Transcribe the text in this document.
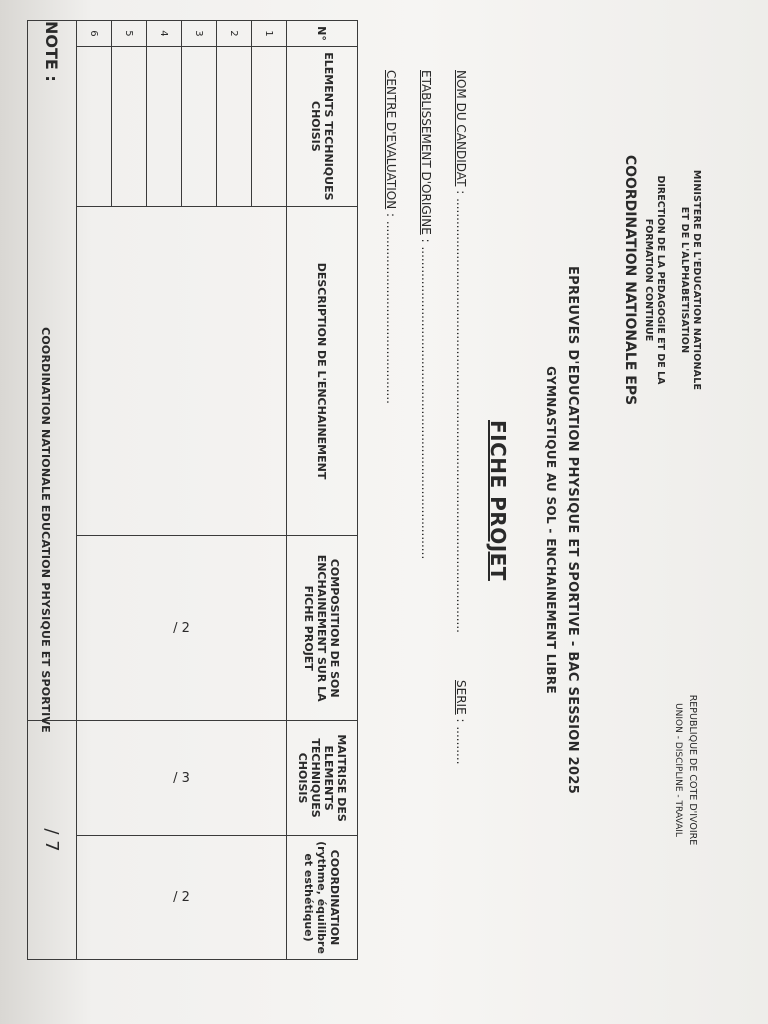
MINISTERE DE L'EDUCATION NATIONALE
ET DE L'ALPHABETISATION
DIRECTION DE LA PEDAGOGIE ET DE LA FORMATION CONTINUE
COORDINATION NATIONALE EPS
REPUBLIQUE DE COTE D'IVOIRE
UNION - DISCIPLINE - TRAVAIL
EPREUVES D'EDUCATION PHYSIQUE ET SPORTIVE - BAC SESSION 2025
GYMNASTIQUE AU SOL - ENCHAINEMENT LIBRE
FICHE PROJET
NOM DU CANDIDAT : ..................................................................................................................
SERIE : ..........
ETABLISSEMENT D'ORIGINE : ..................................................................................
CENTRE D'EVALUATION : ................................................
N°	ELEMENTS TECHNIQUES CHOISIS	DESCRIPTION DE L'ENCHAINEMENT	COMPOSITION DE SON ENCHAINEMENT SUR LA FICHE PROJET	MAITRISE DES ELEMENTS TECHNIQUES CHOISIS	COORDINATION (rythme, équilibre et esthétique)
1			/ 2	/ 3	/ 2
2					
3					
4					
5					
6					
NOTE :				/ 7	
COORDINATION NATIONALE EDUCATION PHYSIQUE ET SPORTIVE
